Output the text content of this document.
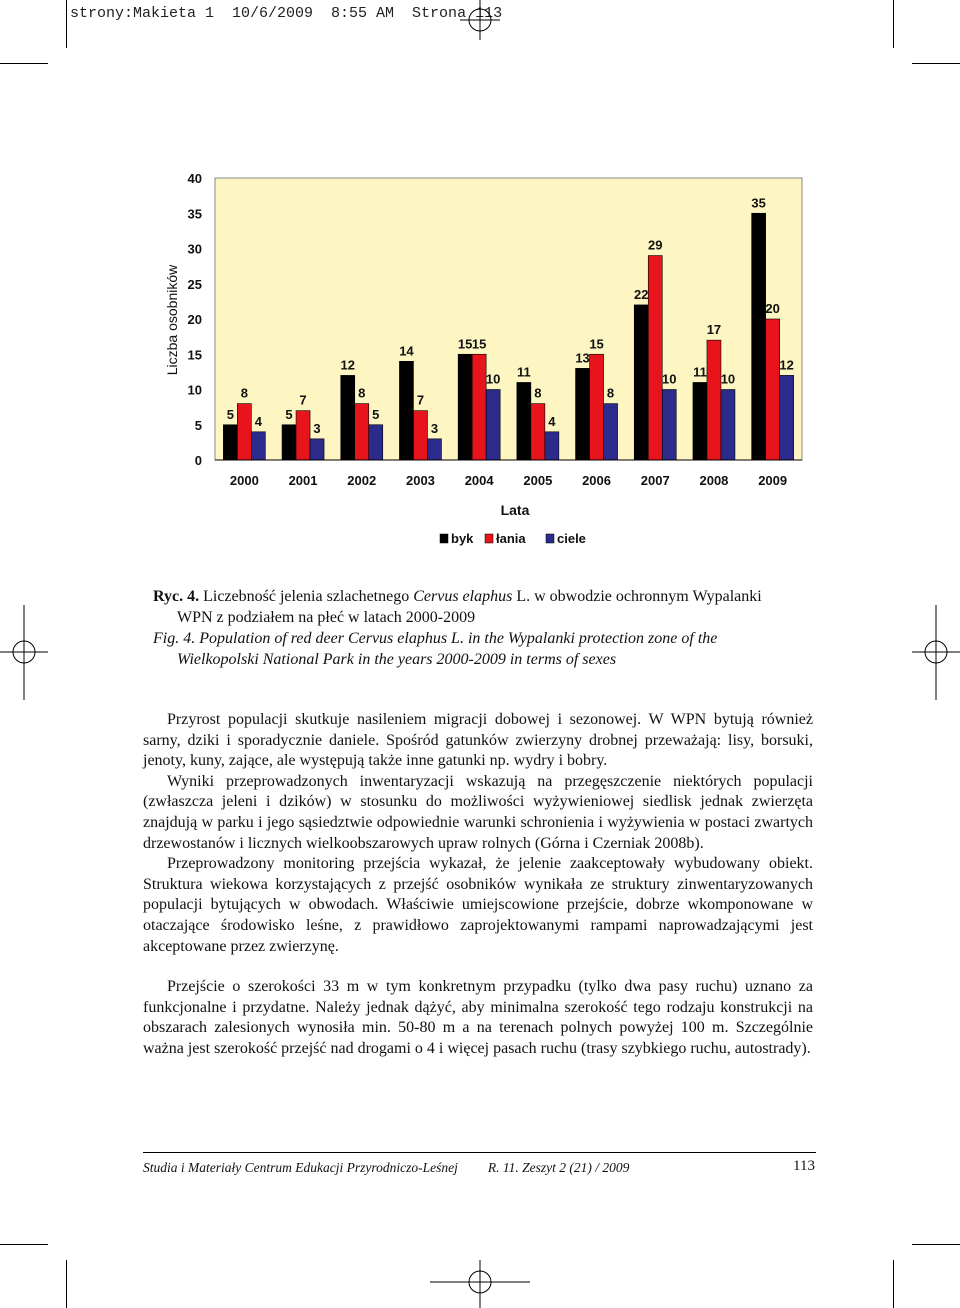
strony:Makieta 1  10/6/2009  8:55 AM  Strona 113
0
5
10
15
20
25
30
35
40
5
8
4 5
7
3
12
8
5
14
7
3
15 15
10 11
8
4
13
15
8
22
29
10 11
17
10
35
20
12
2000 2001 2002 2003 2004 2005 2006 2007 2008 2009
Liczba osobników
Lata
byk łania ciele

Ryc. 4. Liczebność jelenia szlachetnego Cervus elaphus L. w obwodzie ochronnym Wypalanki

WPN z podziałem na płeć w latach 2000-2009

Fig. 4. Population of red deer Cervus elaphus L. in the Wypalanki protection zone of the

Wielkopolski National Park in the years 2000-2009 in terms of sexes

Przyrost populacji skutkuje nasileniem migracji dobowej i sezonowej. W WPN bytują również sarny, dziki i sporadycznie daniele. Spośród gatunków zwierzyny drobnej przeważają: lisy, borsuki, jenoty, kuny, zające, ale występują także inne gatunki np. wydry i bobry.

Wyniki przeprowadzonych inwentaryzacji wskazują na przegęszczenie niektórych populacji (zwłaszcza jeleni i dzików) w stosunku do możliwości wyżywieniowej siedlisk jednak zwierzęta znajdują w parku i jego sąsiedztwie odpowiednie warunki schronienia i wyżywienia w postaci zwartych drzewostanów i licznych wielkoobszarowych upraw rolnych (Górna i Czerniak 2008b).

Przeprowadzony monitoring przejścia wykazał, że jelenie zaakceptowały wybudowany obiekt. Struktura wiekowa korzystających z przejść osobników wynikała ze struktury zinwentaryzowanych populacji bytujących w obwodach. Właściwie umiejscowione przejście, dobrze wkomponowane w otaczające środowisko leśne, z prawidłowo zaprojektowanymi rampami naprowadzającymi jest akceptowane przez zwierzynę.

Przejście o szerokości 33 m w tym konkretnym przypadku (tylko dwa pasy ruchu) uznano za funkcjonalne i przydatne. Należy jednak dążyć, aby minimalna szerokość tego rodzaju konstrukcji na obszarach zalesionych wynosiła min. 50-80 m a na terenach polnych powyżej 100 m. Szczególnie ważna jest szerokość przejść nad drogami o 4 i więcej pasach ruchu (trasy szybkiego ruchu, autostrady).

Studia i Materiały Centrum Edukacji Przyrodniczo-Leśnej R. 11. Zeszyt 2 (21) / 2009	113
